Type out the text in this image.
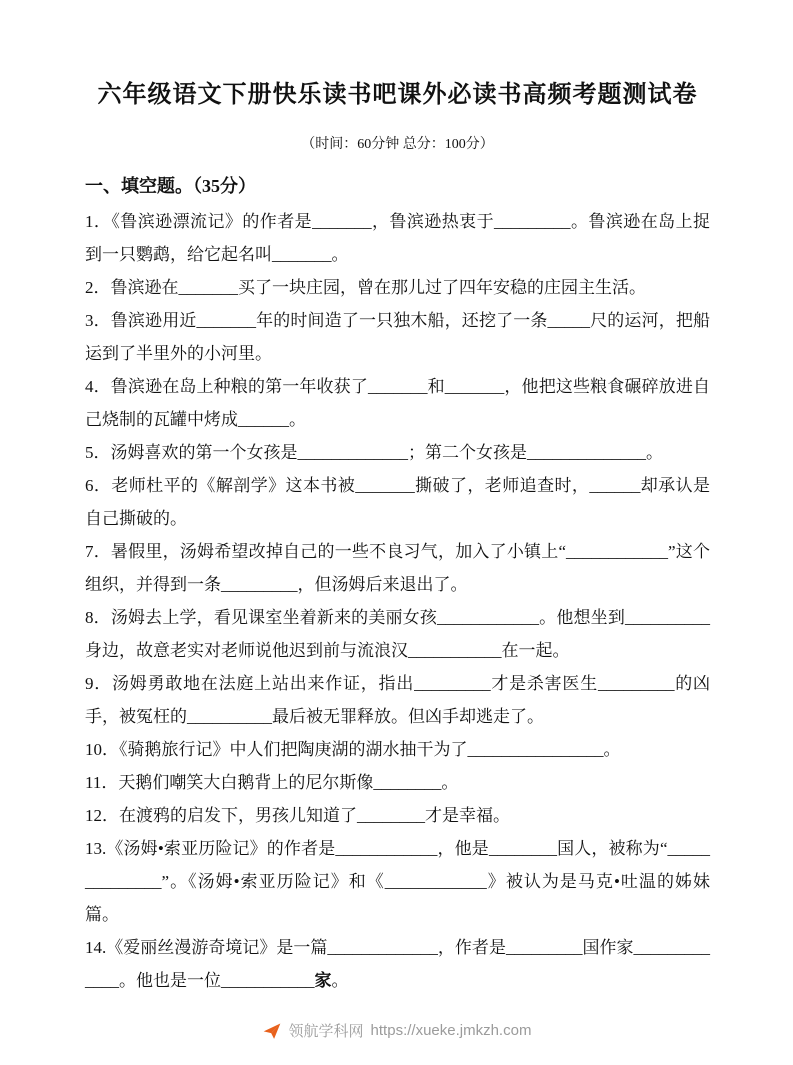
六年级语文下册快乐读书吧课外必读书高频考题测试卷
（时间：60分钟 总分：100分）
一、填空题。（35分）

1．《鲁滨逊漂流记》的作者是_______，鲁滨逊热衷于_________。鲁滨逊在岛上捉到一只鹦鹉，给它起名叫_______。

2．鲁滨逊在_______买了一块庄园，曾在那儿过了四年安稳的庄园主生活。

3．鲁滨逊用近_______年的时间造了一只独木船，还挖了一条_____尺的运河，把船运到了半里外的小河里。

4．鲁滨逊在岛上种粮的第一年收获了_______和_______，他把这些粮食碾碎放进自己烧制的瓦罐中烤成______。

5．汤姆喜欢的第一个女孩是_____________；第二个女孩是______________。

6．老师杜平的《解剖学》这本书被_______撕破了，老师追查时，______却承认是自己撕破的。

7．暑假里，汤姆希望改掉自己的一些不良习气，加入了小镇上“____________”这个组织，并得到一条_________，但汤姆后来退出了。

8．汤姆去上学，看见课室坐着新来的美丽女孩____________。他想坐到__________身边，故意老实对老师说他迟到前与流浪汉___________在一起。

9．汤姆勇敢地在法庭上站出来作证，指出_________才是杀害医生_________的凶手，被冤枉的__________最后被无罪释放。但凶手却逃走了。

10．《骑鹅旅行记》中人们把陶庚湖的湖水抽干为了________________。

11．天鹅们嘲笑大白鹅背上的尼尔斯像________。

12．在渡鸦的启发下，男孩儿知道了________才是幸福。

13.《汤姆•索亚历险记》的作者是____________，他是________国人，被称为“______________”。《汤姆•索亚历险记》和《____________》被认为是马克•吐温的姊妹篇。

14.《爱丽丝漫游奇境记》是一篇_____________，作者是_________国作家_____________。他也是一位___________家。

领航学科网 https://xueke.jmkzh.com
